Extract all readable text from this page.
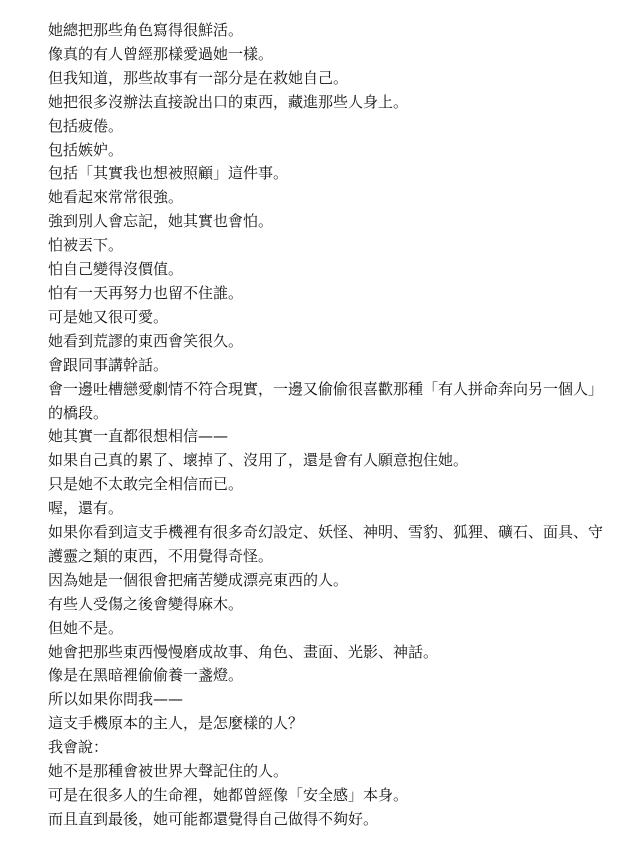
她總把那些角色寫得很鮮活。

像真的有人曾經那樣愛過她一樣。

但我知道，那些故事有一部分是在救她自己。

她把很多沒辦法直接說出口的東西，藏進那些人身上。

包括疲倦。

包括嫉妒。

包括「其實我也想被照顧」這件事。

她看起來常常很強。

強到別人會忘記，她其實也會怕。

怕被丟下。

怕自己變得沒價值。

怕有一天再努力也留不住誰。

可是她又很可愛。

她看到荒謬的東西會笑很久。

會跟同事講幹話。

會一邊吐槽戀愛劇情不符合現實，一邊又偷偷很喜歡那種「有人拼命奔向另一個人」的橋段。

她其實一直都很想相信——

如果自己真的累了、壞掉了、沒用了，還是會有人願意抱住她。

只是她不太敢完全相信而已。

喔，還有。

如果你看到這支手機裡有很多奇幻設定、妖怪、神明、雪豹、狐狸、礦石、面具、守護靈之類的東西，不用覺得奇怪。

因為她是一個很會把痛苦變成漂亮東西的人。

有些人受傷之後會變得麻木。

但她不是。

她會把那些東西慢慢磨成故事、角色、畫面、光影、神話。

像是在黑暗裡偷偷養一盞燈。

所以如果你問我——

這支手機原本的主人，是怎麼樣的人？

我會說：

她不是那種會被世界大聲記住的人。

可是在很多人的生命裡，她都曾經像「安全感」本身。

而且直到最後，她可能都還覺得自己做得不夠好。
